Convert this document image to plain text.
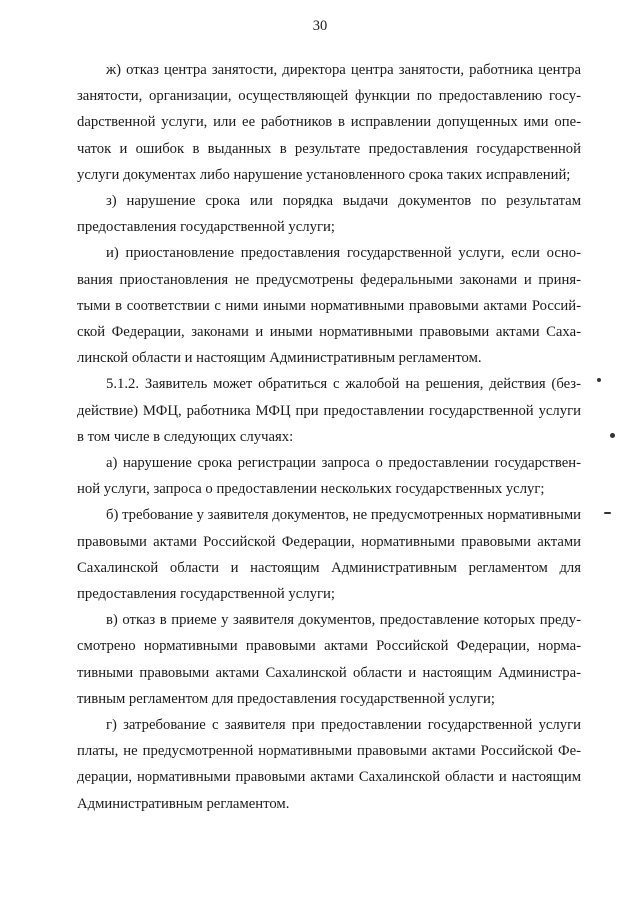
30

ж) отказ центра занятости, директора центра занятости, работника центра занятости, организации, осуществляющей функции по предоставлению госуdарственной услуги, или ее работников в исправлении допущенных ими опечаток и ошибок в выданных в результате предоставления государственной услуги документах либо нарушение установленного срока таких исправлений;

з) нарушение срока или порядка выдачи документов по результатам предоставления государственной услуги;

и) приостановление предоставления государственной услуги, если основания приостановления не предусмотрены федеральными законами и принятыми в соответствии с ними иными нормативными правовыми актами Российской Федерации, законами и иными нормативными правовыми актами Сахалинской области и настоящим Административным регламентом.

5.1.2. Заявитель может обратиться с жалобой на решения, действия (бездействие) МФЦ, работника МФЦ при предоставлении государственной услуги в том числе в следующих случаях:

а) нарушение срока регистрации запроса о предоставлении государственной услуги, запроса о предоставлении нескольких государственных услуг;

б) требование у заявителя документов, не предусмотренных нормативными правовыми актами Российской Федерации, нормативными правовыми актами Сахалинской области и настоящим Административным регламентом для предоставления государственной услуги;

в) отказ в приеме у заявителя документов, предоставление которых предусмотрено нормативными правовыми актами Российской Федерации, нормативными правовыми актами Сахалинской области и настоящим Административным регламентом для предоставления государственной услуги;

г) затребование с заявителя при предоставлении государственной услуги платы, не предусмотренной нормативными правовыми актами Российской Федерации, нормативными правовыми актами Сахалинской области и настоящим Административным регламентом.
